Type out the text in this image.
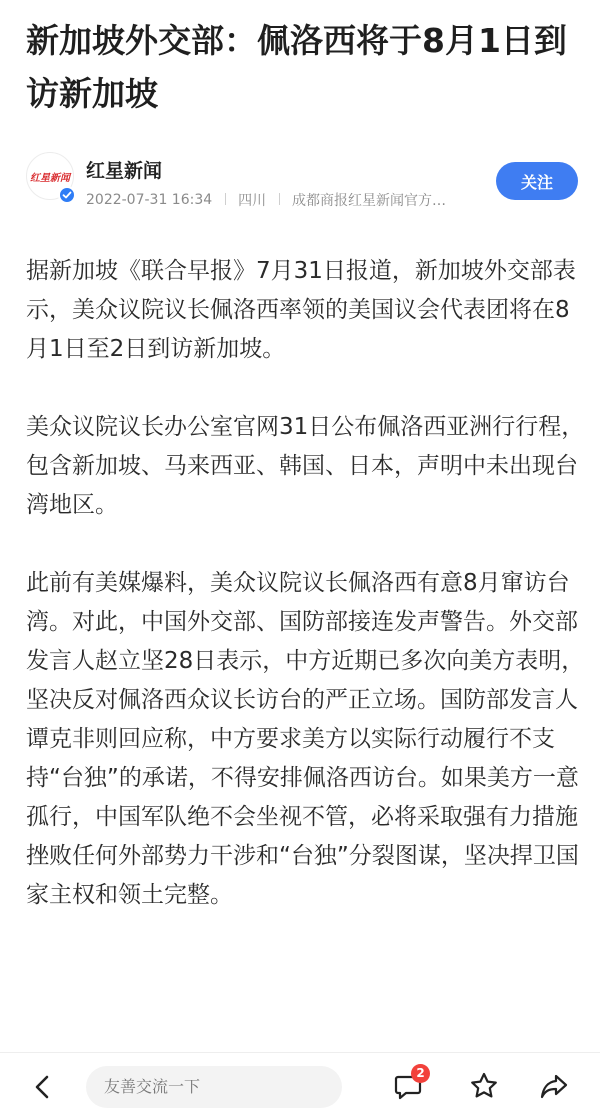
新加坡外交部：佩洛西将于8月1日到访新加坡
红星新闻 红星新闻
2022-07-31 16:34 四川 成都商报红星新闻官方…
关注

据新加坡《联合早报》7月31日报道，新加坡外交部表示，美众议院议长佩洛西率领的美国议会代表团将在8月1日至2日到访新加坡。

美众议院议长办公室官网31日公布佩洛西亚洲行行程，包含新加坡、马来西亚、韩国、日本，声明中未出现台湾地区。

此前有美媒爆料，美众议院议长佩洛西有意8月窜访台湾。对此，中国外交部、国防部接连发声警告。外交部发言人赵立坚28日表示，中方近期已多次向美方表明，坚决反对佩洛西众议长访台的严正立场。国防部发言人谭克非则回应称，中方要求美方以实际行动履行不支持“台独”的承诺，不得安排佩洛西访台。如果美方一意孤行，中国军队绝不会坐视不管，必将采取强有力措施挫败任何外部势力干涉和“台独”分裂图谋，坚决捍卫国家主权和领土完整。

友善交流一下
2
